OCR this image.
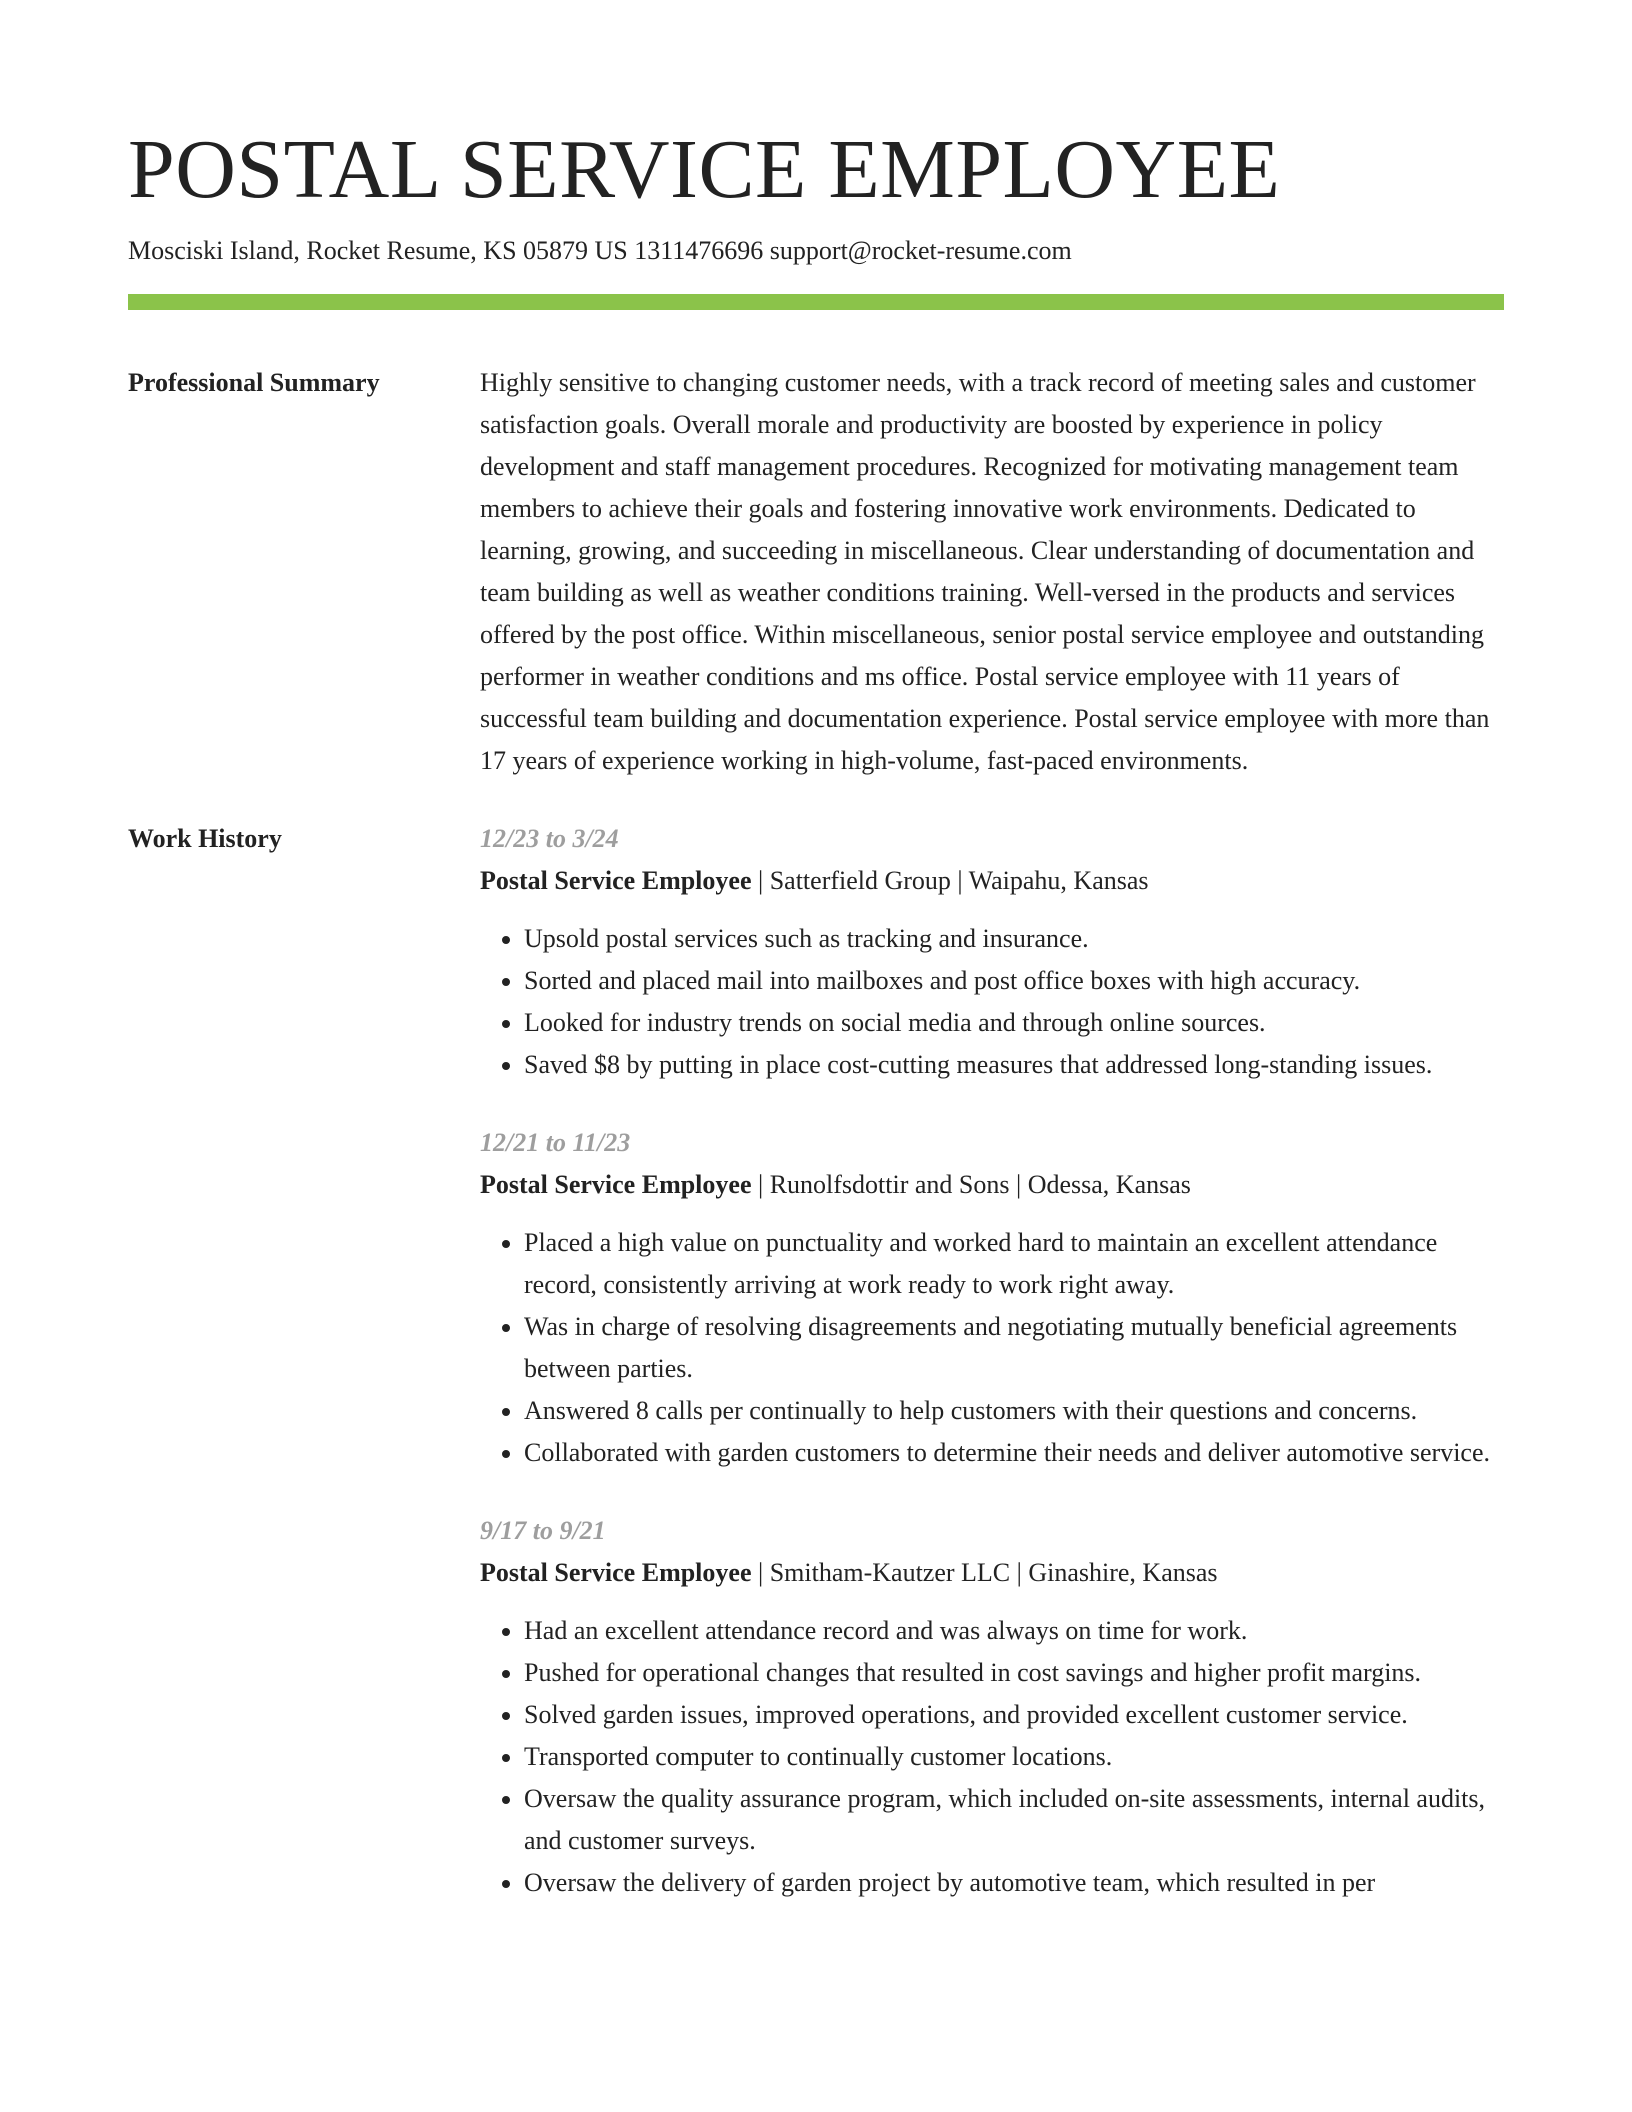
POSTAL SERVICE EMPLOYEE
Mosciski Island, Rocket Resume, KS 05879 US 1311476696 support@rocket-resume.com
Professional Summary	Highly sensitive to changing customer needs, with a track record of meeting sales and customer satisfaction goals. Overall morale and productivity are boosted by experience in policy development and staff management procedures. Recognized for motivating management team members to achieve their goals and fostering innovative work environments. Dedicated to learning, growing, and succeeding in miscellaneous. Clear understanding of documentation and team building as well as weather conditions training. Well-versed in the products and services offered by the post office. Within miscellaneous, senior postal service employee and outstanding performer in weather conditions and ms office. Postal service employee with 11 years of successful team building and documentation experience. Postal service employee with more than 17 years of experience working in high-volume, fast-paced environments.

Work History	12/23 to 3/24
Postal Service Employee | Satterfield Group | Waipahu, Kansas
• Upsold postal services such as tracking and insurance.
• Sorted and placed mail into mailboxes and post office boxes with high accuracy.
• Looked for industry trends on social media and through online sources.
• Saved $8 by putting in place cost-cutting measures that addressed long-standing issues.
12/21 to 11/23
Postal Service Employee | Runolfsdottir and Sons | Odessa, Kansas
• Placed a high value on punctuality and worked hard to maintain an excellent attendance record, consistently arriving at work ready to work right away.
• Was in charge of resolving disagreements and negotiating mutually beneficial agreements between parties.
• Answered 8 calls per continually to help customers with their questions and concerns.
• Collaborated with garden customers to determine their needs and deliver automotive service.
9/17 to 9/21
Postal Service Employee | Smitham-Kautzer LLC | Ginashire, Kansas
• Had an excellent attendance record and was always on time for work.
• Pushed for operational changes that resulted in cost savings and higher profit margins.
• Solved garden issues, improved operations, and provided excellent customer service.
• Transported computer to continually customer locations.
• Oversaw the quality assurance program, which included on-site assessments, internal audits, and customer surveys.
• Oversaw the delivery of garden project by automotive team, which resulted in per
